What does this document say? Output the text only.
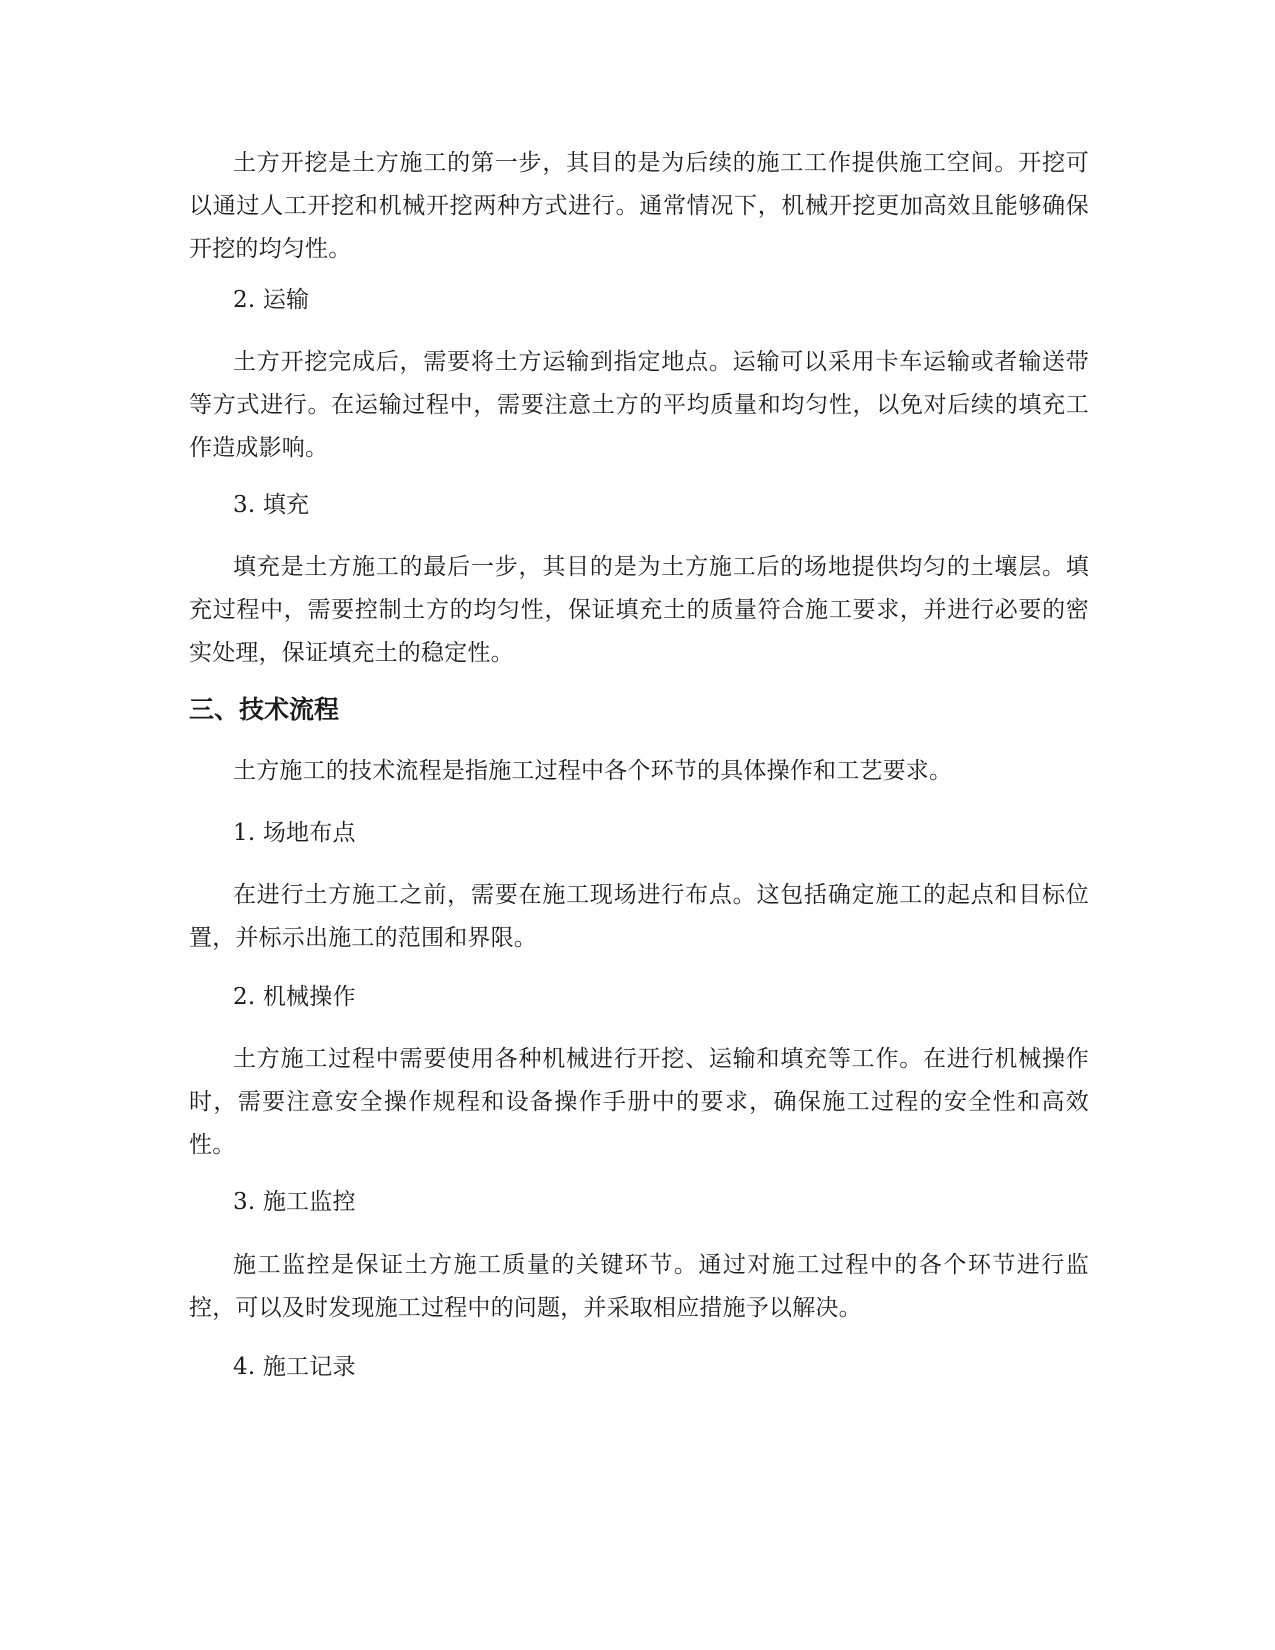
土方开挖是土方施工的第一步，其目的是为后续的施工工作提供施工空间。开挖可以通过人工开挖和机械开挖两种方式进行。通常情况下，机械开挖更加高效且能够确保开挖的均匀性。

2. 运输

土方开挖完成后，需要将土方运输到指定地点。运输可以采用卡车运输或者输送带等方式进行。在运输过程中，需要注意土方的平均质量和均匀性，以免对后续的填充工作造成影响。

3. 填充

填充是土方施工的最后一步，其目的是为土方施工后的场地提供均匀的土壤层。填充过程中，需要控制土方的均匀性，保证填充土的质量符合施工要求，并进行必要的密实处理，保证填充土的稳定性。

三、技术流程

土方施工的技术流程是指施工过程中各个环节的具体操作和工艺要求。

1. 场地布点

在进行土方施工之前，需要在施工现场进行布点。这包括确定施工的起点和目标位置，并标示出施工的范围和界限。

2. 机械操作

土方施工过程中需要使用各种机械进行开挖、运输和填充等工作。在进行机械操作时，需要注意安全操作规程和设备操作手册中的要求，确保施工过程的安全性和高效性。

3. 施工监控

施工监控是保证土方施工质量的关键环节。通过对施工过程中的各个环节进行监控，可以及时发现施工过程中的问题，并采取相应措施予以解决。

4. 施工记录
